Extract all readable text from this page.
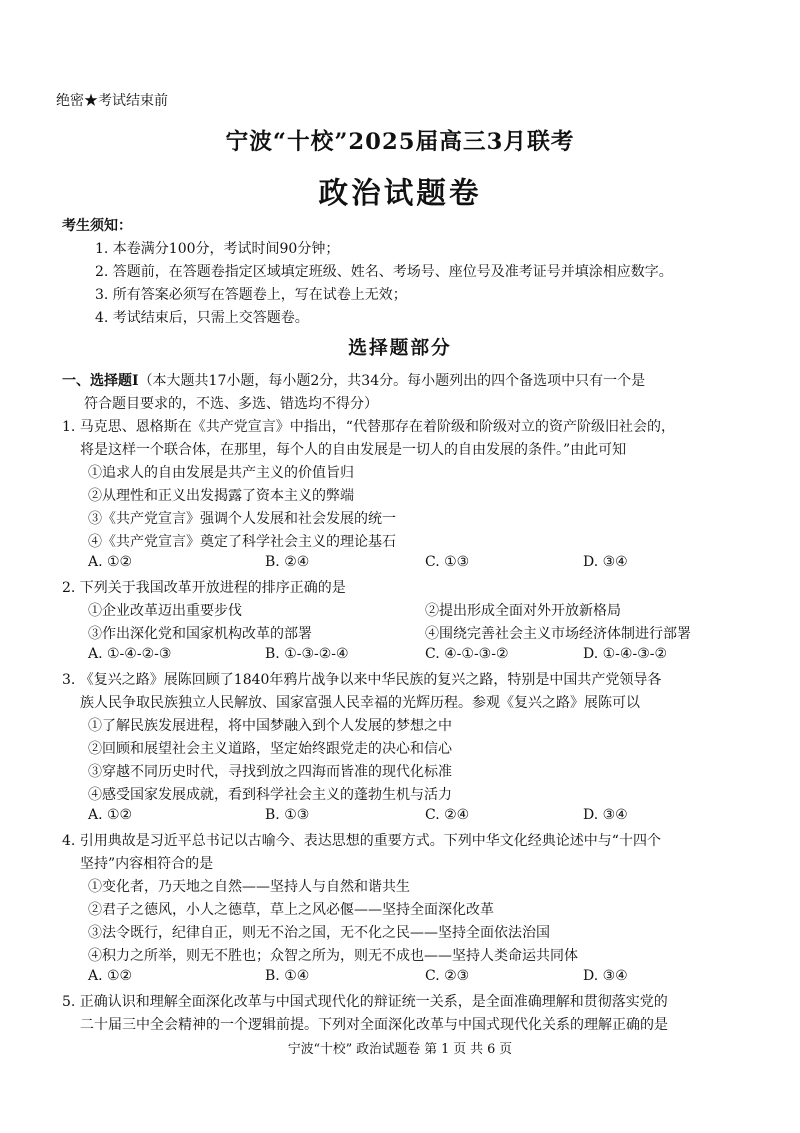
绝密★考试结束前
宁波“十校”2025届高三3月联考
政治试题卷
考生须知：
1. 本卷满分100分，考试时间90分钟；
2. 答题前，在答题卷指定区域填定班级、姓名、考场号、座位号及准考证号并填涂相应数字。
3. 所有答案必须写在答题卷上，写在试卷上无效；
4. 考试结束后，只需上交答题卷。
选择题部分
一、选择题Ⅰ（本大题共17小题，每小题2分，共34分。每小题列出的四个备选项中只有一个是
符合题目要求的，不选、多选、错选均不得分）
1. 马克思、恩格斯在《共产党宣言》中指出，“代替那存在着阶级和阶级对立的资产阶级旧社会的，
将是这样一个联合体，在那里，每个人的自由发展是一切人的自由发展的条件。”由此可知
①追求人的自由发展是共产主义的价值旨归
②从理性和正义出发揭露了资本主义的弊端
③《共产党宣言》强调个人发展和社会发展的统一
④《共产党宣言》奠定了科学社会主义的理论基石
A. ①②	B. ②④	C. ①③	D. ③④
2. 下列关于我国改革开放进程的排序正确的是
①企业改革迈出重要步伐	②提出形成全面对外开放新格局
③作出深化党和国家机构改革的部署	④围绕完善社会主义市场经济体制进行部署
A. ①-④-②-③	B. ①-③-②-④	C. ④-①-③-②	D. ①-④-③-②
3. 《复兴之路》展陈回顾了1840年鸦片战争以来中华民族的复兴之路，特别是中国共产党领导各
族人民争取民族独立人民解放、国家富强人民幸福的光辉历程。参观《复兴之路》展陈可以
①了解民族发展进程，将中国梦融入到个人发展的梦想之中
②回顾和展望社会主义道路，坚定始终跟党走的决心和信心
③穿越不同历史时代，寻找到放之四海而皆准的现代化标准
④感受国家发展成就，看到科学社会主义的蓬勃生机与活力
A. ①②	B. ①③	C. ②④	D. ③④
4. 引用典故是习近平总书记以古喻今、表达思想的重要方式。下列中华文化经典论述中与“十四个
坚持”内容相符合的是
①变化者，乃天地之自然——坚持人与自然和谐共生
②君子之德风，小人之德草，草上之风必偃——坚持全面深化改革
③法令既行，纪律自正，则无不治之国，无不化之民——坚持全面依法治国
④积力之所举，则无不胜也；众智之所为，则无不成也——坚持人类命运共同体
A. ①②	B. ①④	C. ②③	D. ③④
5. 正确认识和理解全面深化改革与中国式现代化的辩证统一关系，是全面准确理解和贯彻落实党的
二十届三中全会精神的一个逻辑前提。下列对全面深化改革与中国式现代化关系的理解正确的是
宁波“十校” 政治试题卷 第 1 页 共 6 页
